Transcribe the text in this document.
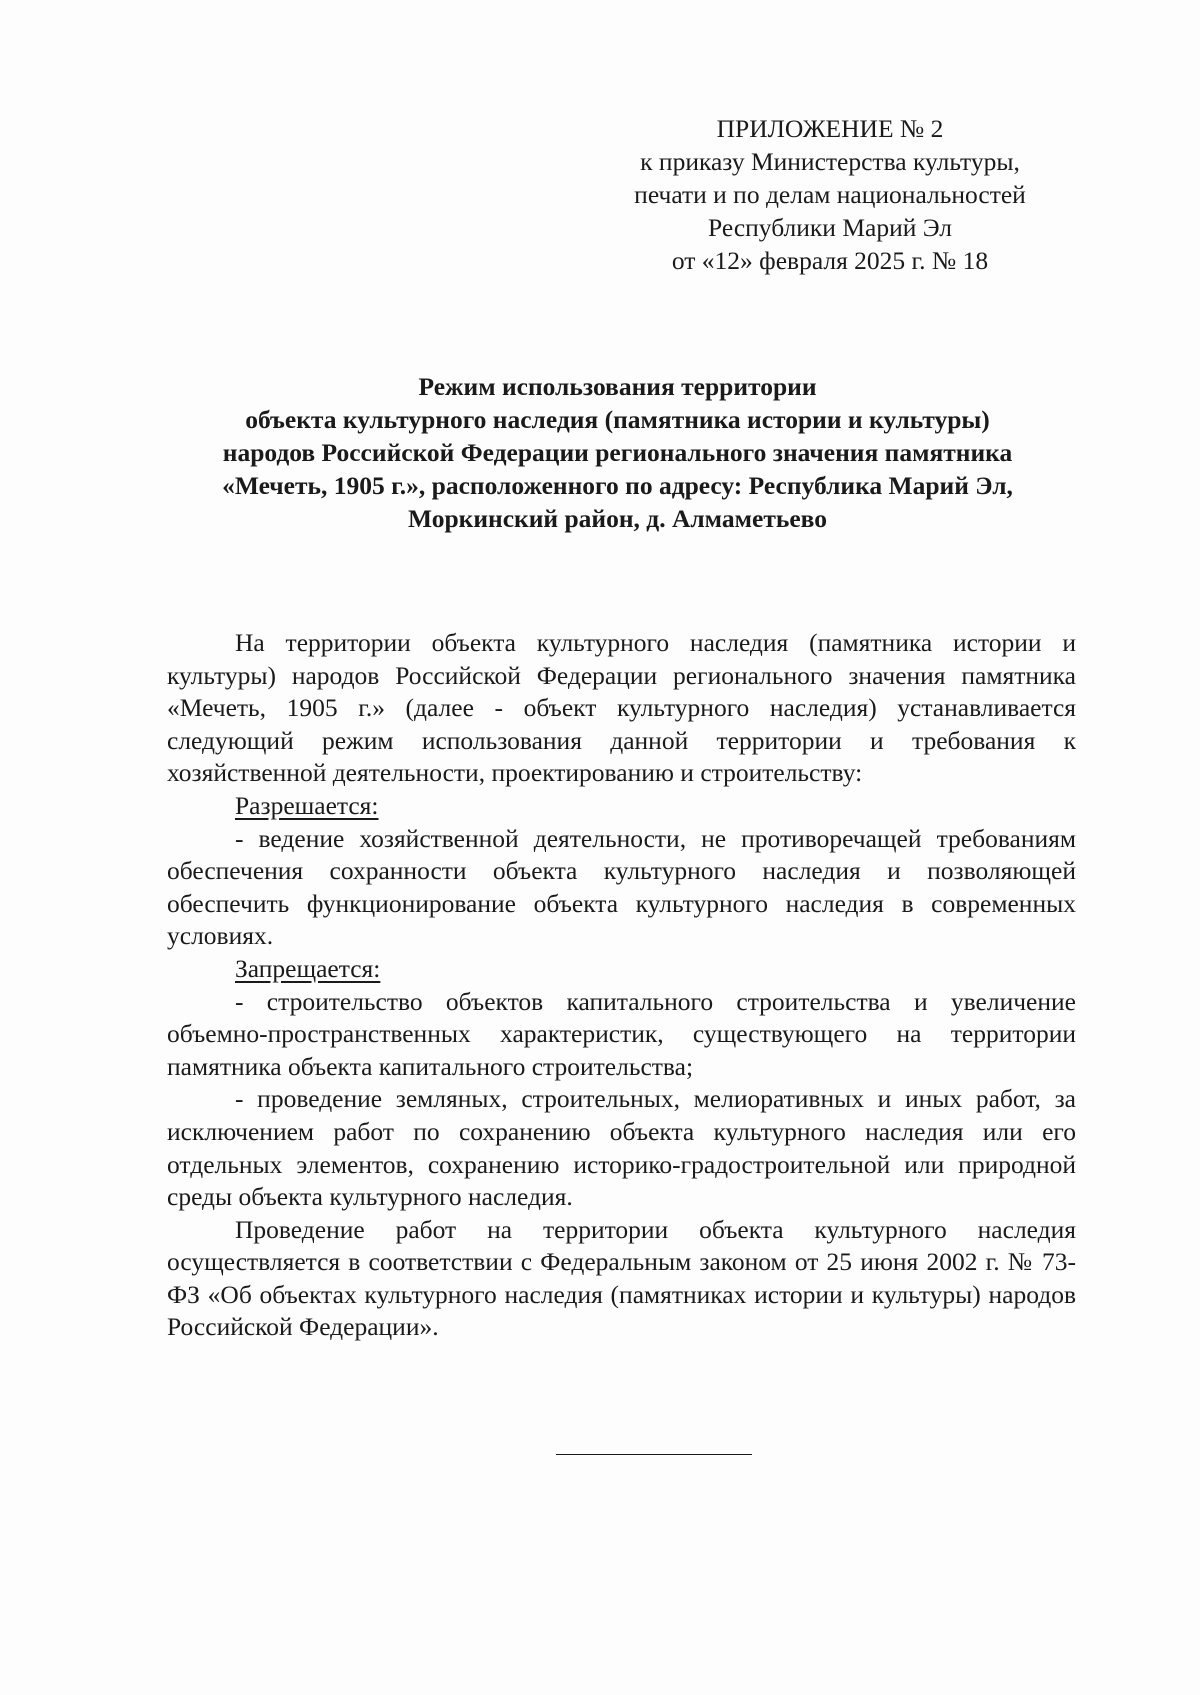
ПРИЛОЖЕНИЕ № 2
к приказу Министерства культуры,
печати и по делам национальностей
Республики Марий Эл
от «12» февраля 2025 г. № 18
Режим использования территории
объекта культурного наследия (памятника истории и культуры)
народов Российской Федерации регионального значения памятника
«Мечеть, 1905 г.», расположенного по адресу: Республика Марий Эл,
Моркинский район, д. Алмаметьево

На территории объекта культурного наследия (памятника истории и культуры) народов Российской Федерации регионального значения памятника «Мечеть, 1905 г.» (далее - объект культурного наследия) устанавливается следующий режим использования данной территории и требования к хозяйственной деятельности, проектированию и строительству:

Разрешается:

- ведение хозяйственной деятельности, не противоречащей требованиям обеспечения сохранности объекта культурного наследия и позволяющей обеспечить функционирование объекта культурного наследия в современных условиях.

Запрещается:

- строительство объектов капитального строительства и увеличение объемно-пространственных характеристик, существующего на территории памятника объекта капитального строительства;

- проведение земляных, строительных, мелиоративных и иных работ, за исключением работ по сохранению объекта культурного наследия или его отдельных элементов, сохранению историко-градостроительной или природной среды объекта культурного наследия.

Проведение работ на территории объекта культурного наследия осуществляется в соответствии с Федеральным законом от 25 июня 2002 г. № 73-ФЗ «Об объектах культурного наследия (памятниках истории и культуры) народов Российской Федерации».
